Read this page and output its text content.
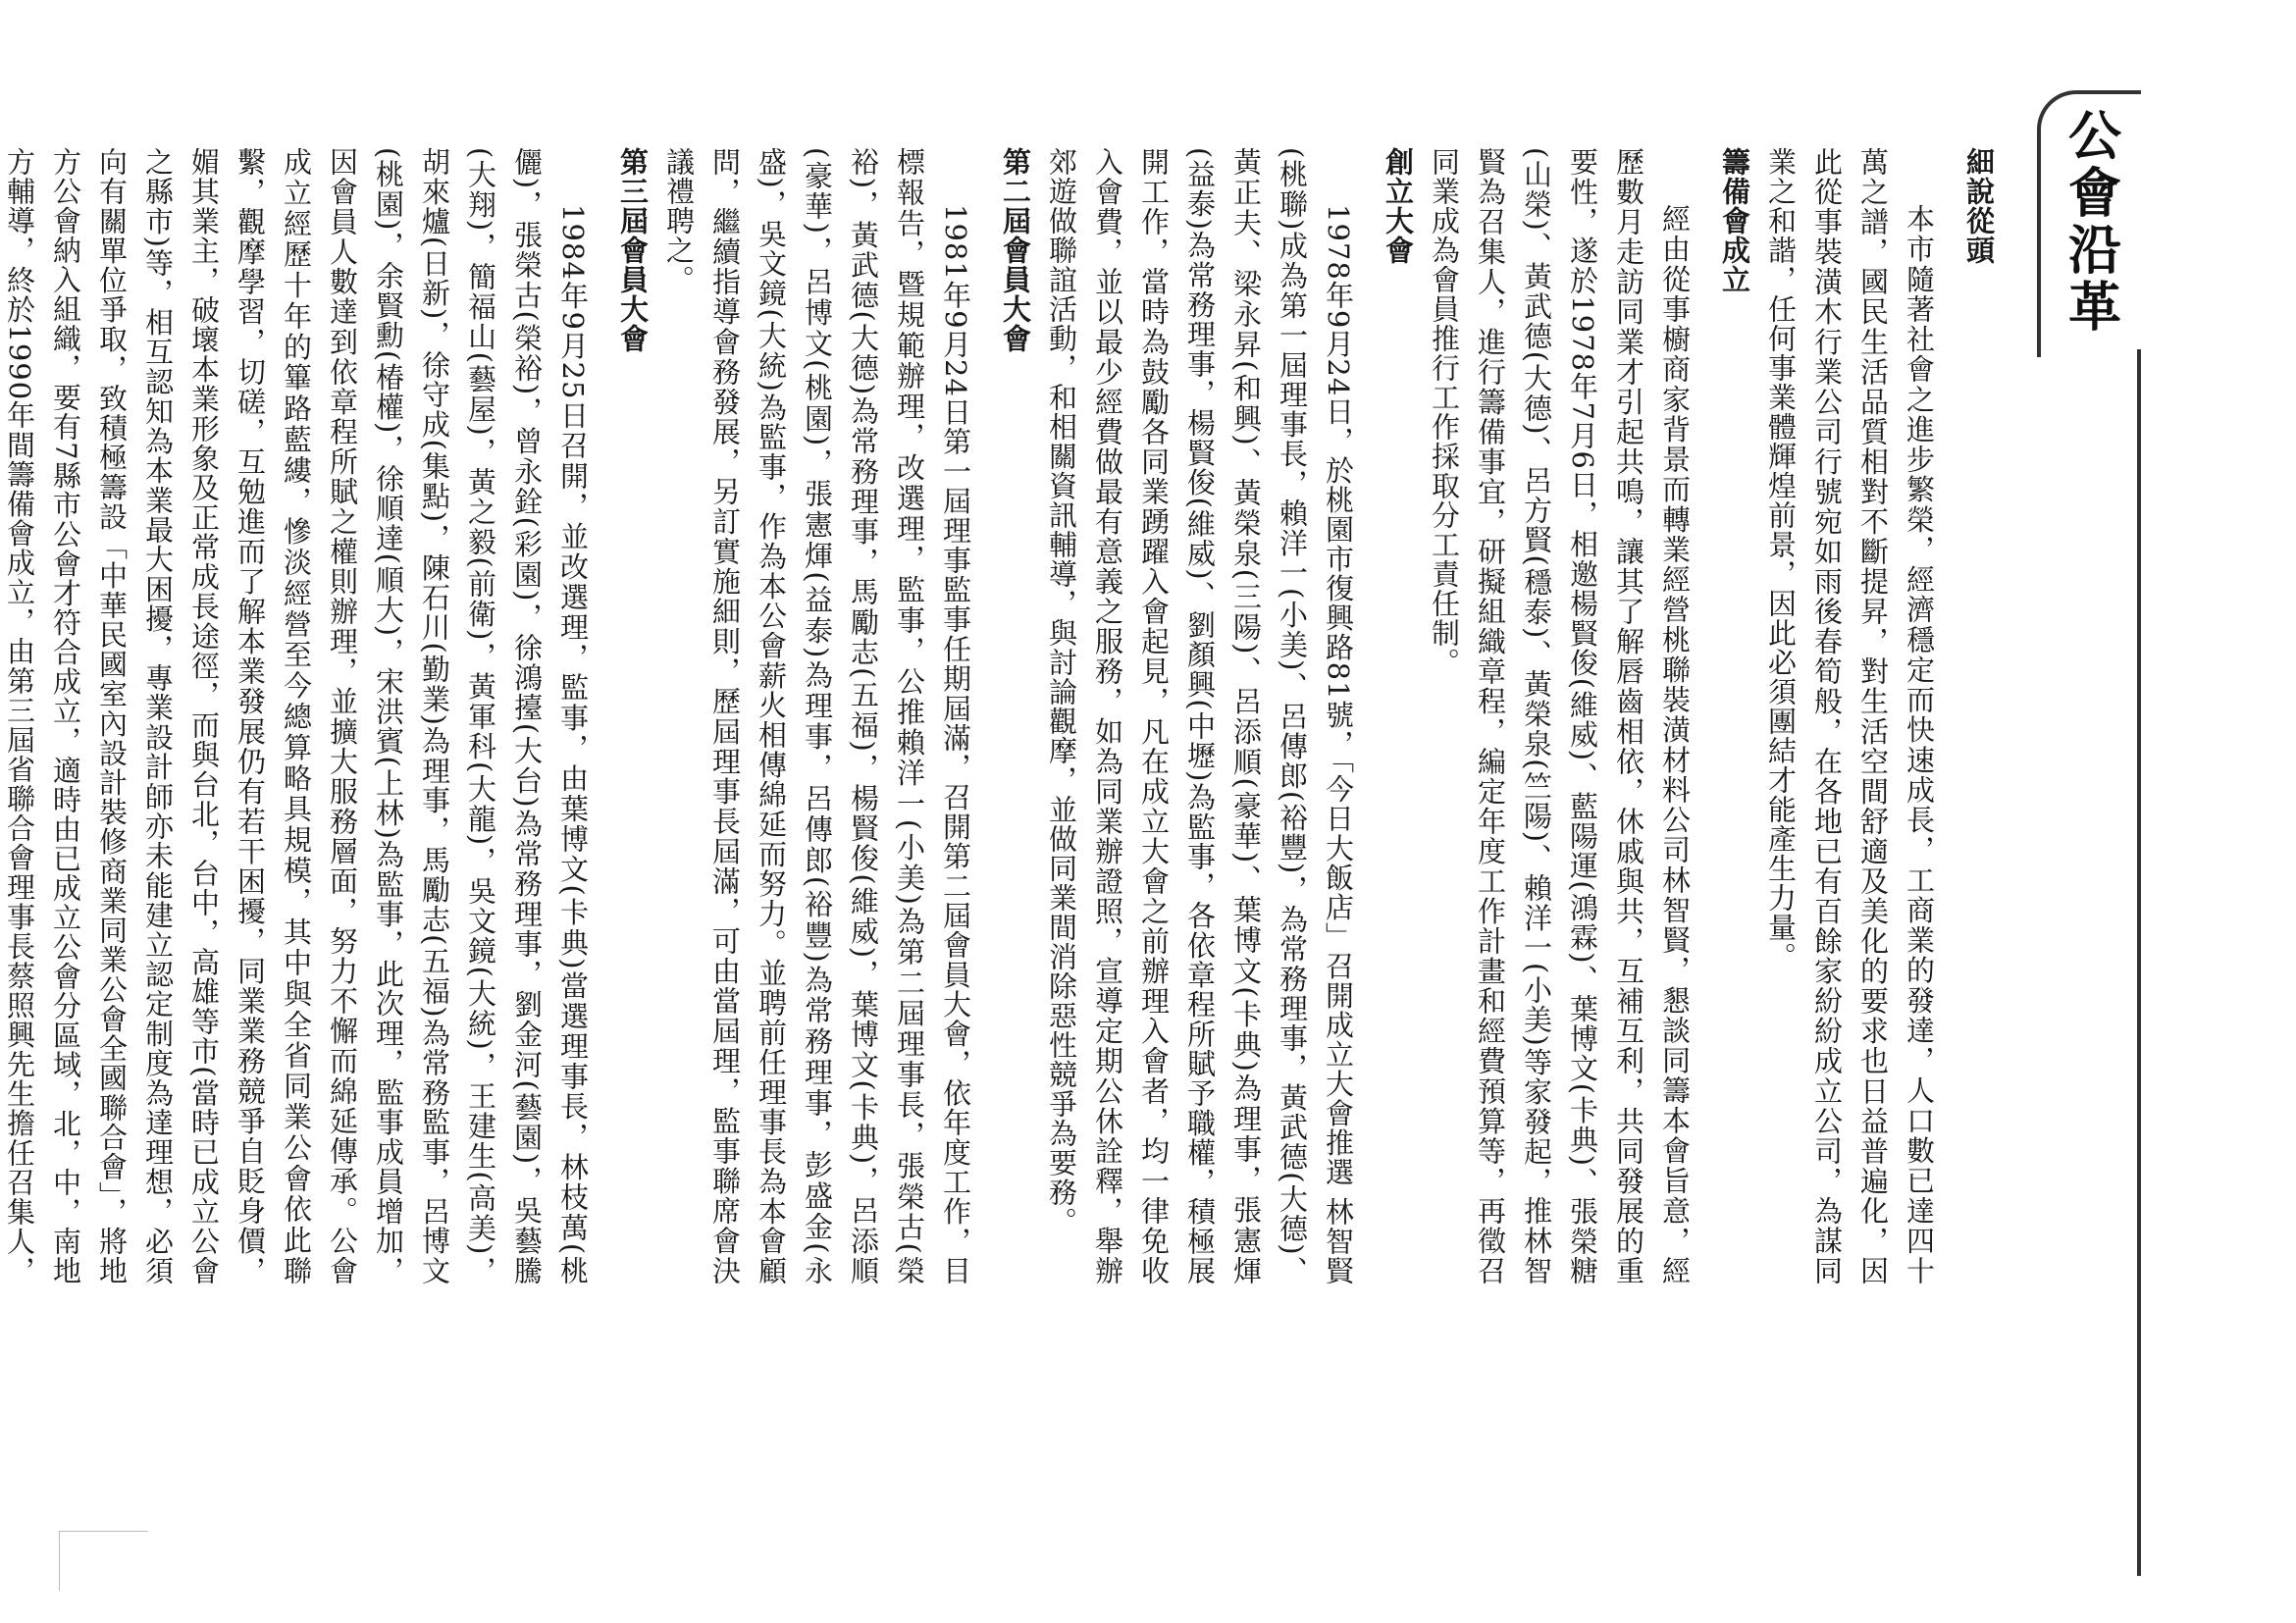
公會沿革
細說從頭
本市隨著社會之進步繁榮，經濟穩定而快速成長，工商業的發達，人口數已達四十萬之譜，國民生活品質相對不斷提昇，對生活空間舒適及美化的要求也日益普遍化，因此從事裝潢木行業公司行號宛如雨後春筍般，在各地已有百餘家紛紛成立公司，為謀同業之和諧，任何事業體輝煌前景，因此必須團結才能產生力量。
籌備會成立
經由從事櫥商家背景而轉業經營桃聯裝潢材料公司林智賢，懇談同籌本會旨意，經歷數月走訪同業才引起共鳴，讓其了解唇齒相依，休戚與共，互補互利，共同發展的重要性，遂於1978年7月6日，相邀楊賢俊(維威)、藍陽運(鴻霖)、葉博文(卡典)、張榮糖(山榮)、黃武德(大德)、呂方賢(穩泰)、黃榮泉(竺陽)、賴洋一(小美)等家發起，推林智賢為召集人，進行籌備事宜，研擬組織章程，編定年度工作計畫和經費預算等，再徵召同業成為會員推行工作採取分工責任制。
創立大會
1978年9月24日，於桃園市復興路81號，「今日大飯店」召開成立大會推選 林智賢(桃聯)成為第一屆理事長，賴洋一(小美)、呂傳郎(裕豐)，為常務理事，黃武德(大德)、黃正夫、梁永昇(和興)、黃榮泉(三陽)、呂添順(豪華)、葉博文(卡典)為理事，張憲煇(益泰)為常務理事，楊賢俊(維威)、劉顏興(中壢)為監事，各依章程所賦予職權，積極展開工作，當時為鼓勵各同業踴躍入會起見，凡在成立大會之前辦理入會者，均一律免收入會費，並以最少經費做最有意義之服務，如為同業辦證照，宣導定期公休詮釋，舉辦郊遊做聯誼活動，和相關資訊輔導，與討論觀摩，並做同業間消除惡性競爭為要務。
第二屆會員大會
1981年9月24日第一屆理事監事任期屆滿，召開第二屆會員大會，依年度工作，目標報告，暨規範辦理，改選理，監事，公推賴洋一(小美)為第二屆理事長，張榮古(榮裕)，黃武德(大德)為常務理事，馬勵志(五福)，楊賢俊(維威)，葉博文(卡典)，呂添順(豪華)，呂博文(桃園)，張憲煇(益泰)為理事，呂傳郎(裕豐)為常務理事，彭盛金(永盛)，吳文鏡(大統)為監事，作為本公會薪火相傳綿延而努力。並聘前任理事長為本會顧問，繼續指導會務發展，另訂實施細則，歷屆理事長屆滿，可由當屆理，監事聯席會決議禮聘之。
第三屆會員大會
1984年9月25日召開，並改選理，監事，由葉博文(卡典)當選理事長，林枝萬(桃儷)，張榮古(榮裕)，曾永銓(彩園)，徐鴻擡(大台)為常務理事，劉金河(藝園)，吳藝騰(大翔)，簡福山(藝屋)，黃之毅(前衛)，黃軍科(大龍)，吳文鏡(大統)，王建生(高美)，胡來爐(日新)，徐守成(集點)，陳石川(勤業)為理事，馬勵志(五福)為常務監事，呂博文(桃園)，余賢勳(椿權)，徐順達(順大)，宋洪賓(上林)為監事，此次理，監事成員增加，因會員人數達到依章程所賦之權則辦理，並擴大服務層面，努力不懈而綿延傳承。公會成立經歷十年的篳路藍縷，慘淡經營至今總算略具規模，其中與全省同業公會依此聯繫，觀摩學習，切磋，互勉進而了解本業發展仍有若干困擾，同業業務競爭自貶身價，媚其業主，破壞本業形象及正常成長途徑，而與台北，台中，高雄等市(當時已成立公會之縣市)等，相互認知為本業最大困擾，專業設計師亦未能建立認定制度為達理想，必須向有關單位爭取，致積極籌設「中華民國室內設計裝修商業同業公會全國聯合會」，將地方公會納入組織，要有7縣市公會才符合成立，適時由已成立公會分區域，北，中，南地方輔導，終於1990年間籌備會成立，由第三屆省聯合會理事長蔡照興先生擔任召集人，
